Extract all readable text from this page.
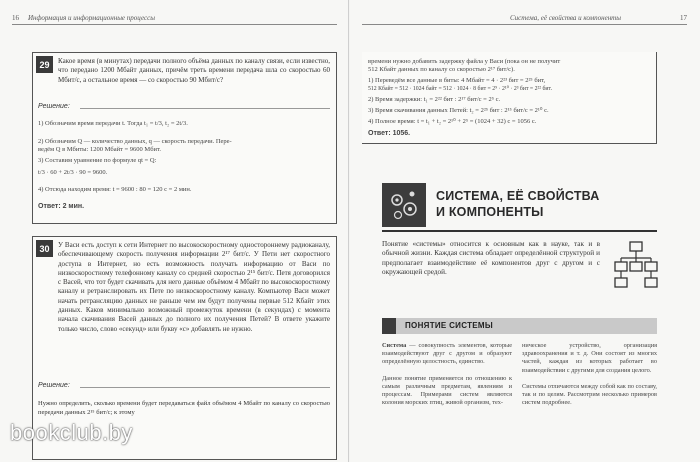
16 Информация и информационные процессы
29	Какое время (в минутах) передачи полного объёма данных по каналу связи, если известно, что передано 1200 Мбайт данных, причём треть времени передача шла со скоростью 60 Мбит/с, а остальное время — со скоростью 90 Мбит/с?
Решение:
1) Обозначим время передачи t. Тогда t₁ = t/3, t₂ = 2t/3.
2) Обозначим Q — количество данных, q — скорость передачи. Пере-
ведём Q в Мбиты: 1200 Мбайт = 9600 Мбит.
3) Составим уравнение по формуле qt = Q:
t/3 · 60 + 2t/3 · 90 = 9600.
4) Отсюда находим время: t = 9600 : 80 = 120 с = 2 мин.
Ответ: 2 мин.
30	У Васи есть доступ к сети Интернет по высокоскоростному одностороннему радиоканалу, обеспечивающему скорость получения информации 2¹⁷ бит/с. У Пети нет скоростного доступа в Интернет, но есть возможность получать информацию от Васи по низкоскоростному телефонному каналу со средней скоростью 2¹⁵ бит/с. Петя договорился с Васей, что тот будет скачивать для него данные объёмом 4 Мбайт по высокоскоростному каналу и ретранслировать их Пете по низкоскоростному каналу. Компьютер Васи может начать ретрансляцию данных не раньше чем им будут получены первые 512 Кбайт этих данных. Каков минимально возможный промежуток времени (в секундах) с момента начала скачивания Васей данных до полного их получения Петей? В ответе укажите только число, слово «секунд» или букву «с» добавлять не нужно.
Решение:
Нужно определить, сколько времени будет передаваться файл объёмом 4 Мбайт по каналу со скоростью передачи данных 2¹⁵ бит/с; к этому
Система, её свойства и компоненты	17
времени нужно добавить задержку файла у Васи (пока он не получит
512 Кбайт данных по каналу со скоростью 2¹⁷ бит/с).
1) Переведём все данные в биты: 4 Мбайт = 4 · 2²³ бит = 2²⁵ бит,
512 Кбайт = 512 · 1024 байт = 512 · 1024 · 8 бит = 2⁹ · 2¹⁰ · 2³ бит = 2²² бит.
2) Время задержки: t₁ = 2²² бит : 2¹⁷ бит/с = 2⁵ с.
3) Время скачивания данных Петей: t₂ = 2²⁵ бит : 2¹⁵ бит/с = 2¹⁰ с.
4) Полное время: t = t₁ + t₂ = 2¹⁰ + 2⁵ = (1024 + 32) с = 1056 с.
Ответ: 1056.
СИСТЕМА, ЕЁ СВОЙСТВА
И КОМПОНЕНТЫ
Понятие «системы» относится к основным как в науке, так и в обычной жизни. Каждая система обладает определённой структурой и предполагает взаимодействие её компонентов друг с другом и с окружающей средой.
ПОНЯТИЕ СИСТЕМЫ
Система — совокупность элементов, которые взаимодействуют друг с другом и образуют определённую целостность, единство.

Данное понятие применяется по отношению к самым различным предметам, явлениям и процессам. Примерами систем являются колония морских птиц, живой организм, тех-
ническое устройство, организация здравоохранения и т. д. Они состоят из многих частей, каждая из которых работает во взаимодействии с другими для создания целого.

Системы отличаются между собой как по составу, так и по целям. Рассмотрим несколько примеров систем подробнее.
bookclub.by
